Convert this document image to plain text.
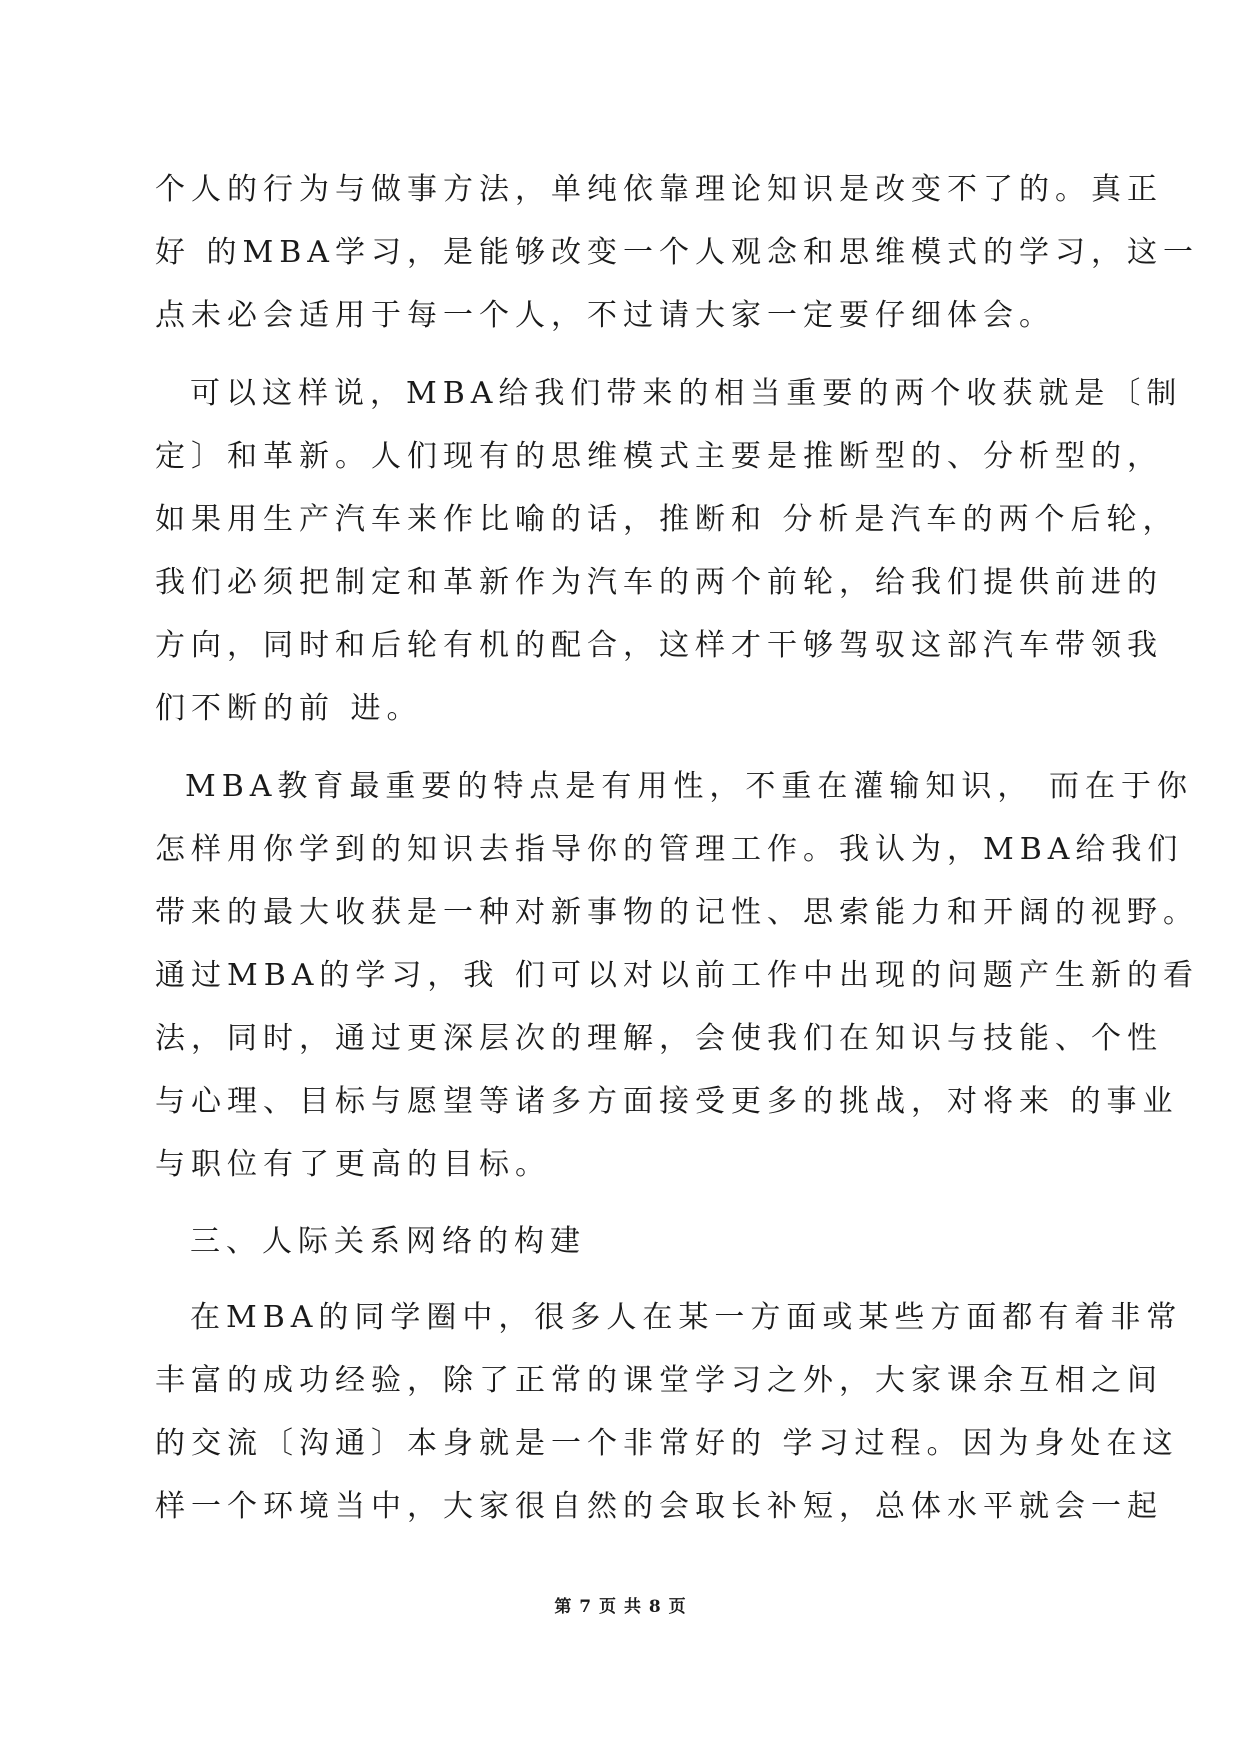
个人的行为与做事方法，单纯依靠理论知识是改变不了的。真正
好 的MBA学习，是能够改变一个人观念和思维模式的学习，这一
点未必会适用于每一个人，不过请大家一定要仔细体会。
可以这样说，MBA给我们带来的相当重要的两个收获就是〔制
定〕和革新。人们现有的思维模式主要是推断型的、分析型的，
如果用生产汽车来作比喻的话，推断和 分析是汽车的两个后轮，
我们必须把制定和革新作为汽车的两个前轮，给我们提供前进的
方向，同时和后轮有机的配合，这样才干够驾驭这部汽车带领我
们不断的前 进。
MBA教育最重要的特点是有用性，不重在灌输知识， 而在于你
怎样用你学到的知识去指导你的管理工作。我认为，MBA给我们
带来的最大收获是一种对新事物的记性、思索能力和开阔的视野。
通过MBA的学习，我 们可以对以前工作中出现的问题产生新的看
法，同时，通过更深层次的理解，会使我们在知识与技能、个性
与心理、目标与愿望等诸多方面接受更多的挑战，对将来 的事业
与职位有了更高的目标。
三、人际关系网络的构建
在MBA的同学圈中，很多人在某一方面或某些方面都有着非常
丰富的成功经验，除了正常的课堂学习之外，大家课余互相之间
的交流〔沟通〕本身就是一个非常好的 学习过程。因为身处在这
样一个环境当中，大家很自然的会取长补短，总体水平就会一起
第 7 页 共 8 页
